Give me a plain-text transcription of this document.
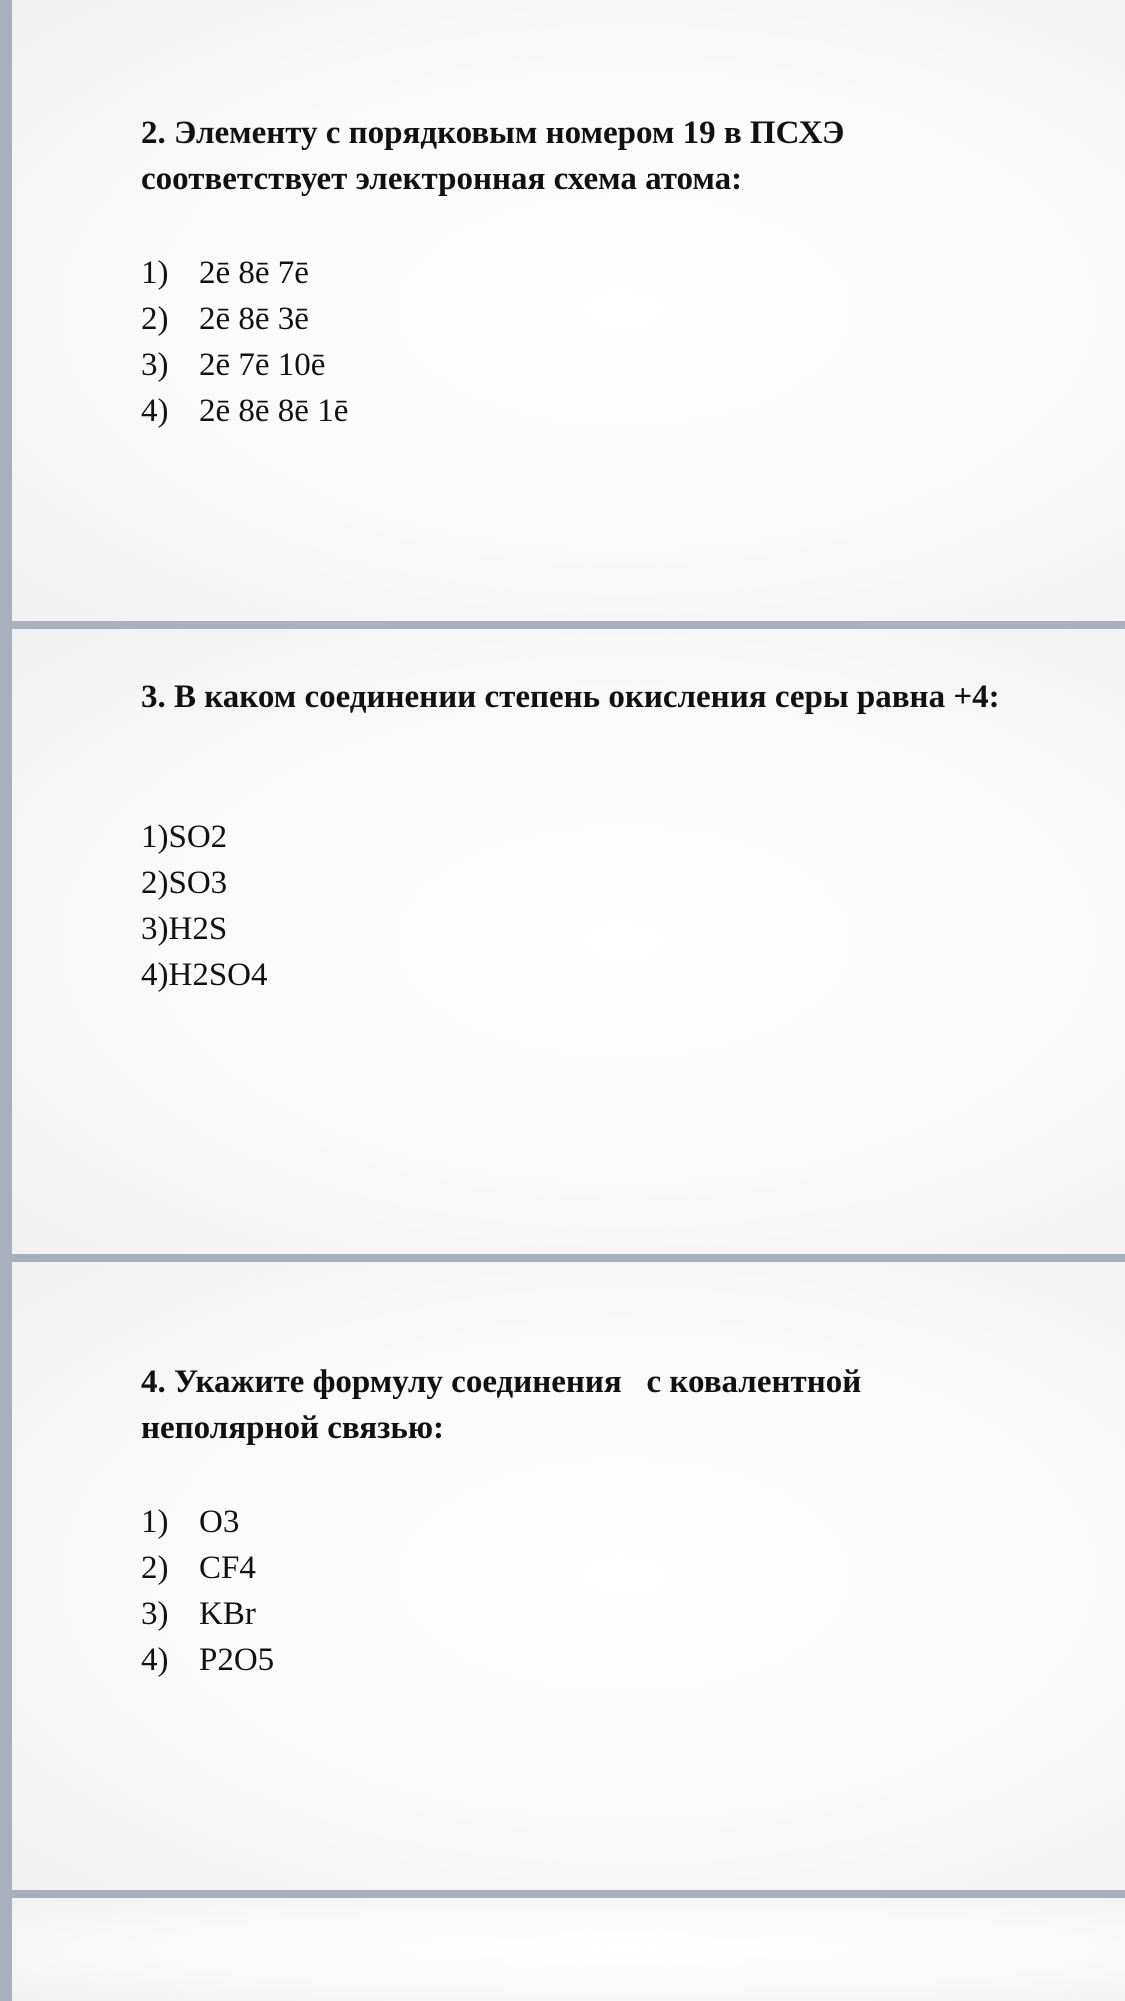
2. Элементу с порядковым номером 19 в ПСХЭ соответствует электронная схема атома:

1) 2ē 8ē 7ē
2) 2ē 8ē 3ē
3) 2ē 7ē 10ē
4) 2ē 8ē 8ē 1ē

3. В каком соединении степень окисления серы равна +4:

1)SO2
2)SO3
3)H2S
4)H2SO4

4. Укажите формулу соединения   с ковалентной неполярной связью:

1) O3
2) CF4
3) KBr
4) P2O5
